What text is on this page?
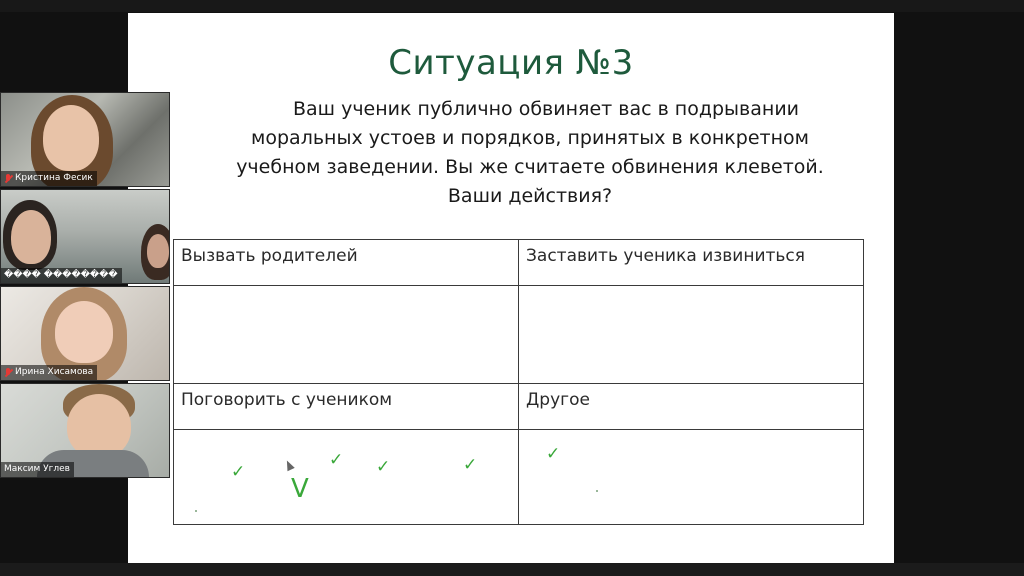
Ситуация №3
Ваш ученик публично обвиняет вас в подрывании
моральных устоев и порядков, принятых в конкретном
учебном заведении. Вы же считаете обвинения клеветой.
Ваши действия?
Вызвать родителей	Заставить ученика извиниться

Поговорить с учеником	Другое

✓
V
✓ ✓ ✓	✓
Кристина Фесик
���� ��������
Ирина Хисамова
Максим Углев
